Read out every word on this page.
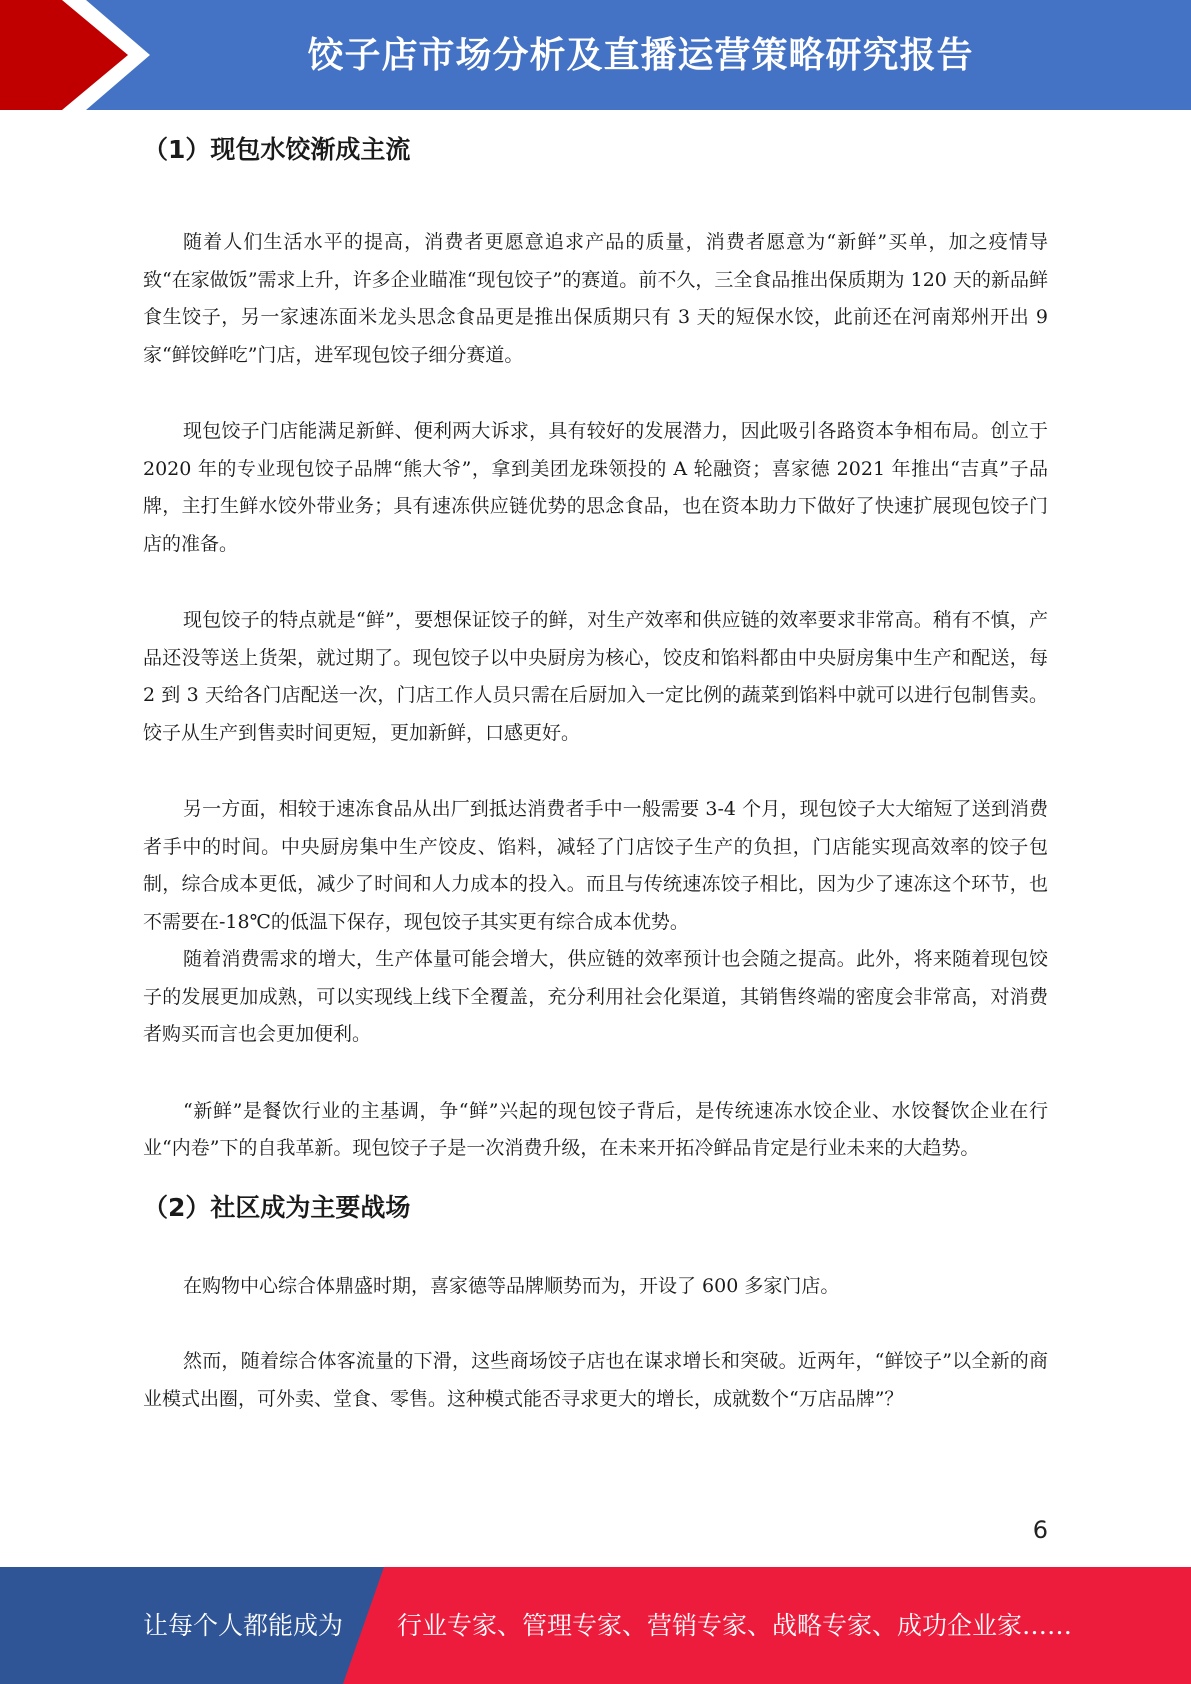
饺子店市场分析及直播运营策略研究报告
（1）现包水饺渐成主流

随着人们生活水平的提高，消费者更愿意追求产品的质量，消费者愿意为“新鲜”买单，加之疫情导致“在家做饭”需求上升，许多企业瞄准“现包饺子”的赛道。前不久，三全食品推出保质期为 120 天的新品鲜食生饺子，另一家速冻面米龙头思念食品更是推出保质期只有 3 天的短保水饺，此前还在河南郑州开出 9 家“鲜饺鲜吃”门店，进军现包饺子细分赛道。

现包饺子门店能满足新鲜、便利两大诉求，具有较好的发展潜力，因此吸引各路资本争相布局。创立于 2020 年的专业现包饺子品牌“熊大爷”，拿到美团龙珠领投的 A 轮融资；喜家德 2021 年推出“吉真”子品牌，主打生鲜水饺外带业务；具有速冻供应链优势的思念食品，也在资本助力下做好了快速扩展现包饺子门店的准备。

现包饺子的特点就是“鲜”，要想保证饺子的鲜，对生产效率和供应链的效率要求非常高。稍有不慎，产品还没等送上货架，就过期了。现包饺子以中央厨房为核心，饺皮和馅料都由中央厨房集中生产和配送，每 2 到 3 天给各门店配送一次，门店工作人员只需在后厨加入一定比例的蔬菜到馅料中就可以进行包制售卖。饺子从生产到售卖时间更短，更加新鲜，口感更好。

另一方面，相较于速冻食品从出厂到抵达消费者手中一般需要 3-4 个月，现包饺子大大缩短了送到消费者手中的时间。中央厨房集中生产饺皮、馅料，减轻了门店饺子生产的负担，门店能实现高效率的饺子包制，综合成本更低，减少了时间和人力成本的投入。而且与传统速冻饺子相比，因为少了速冻这个环节，也不需要在-18℃的低温下保存，现包饺子其实更有综合成本优势。

随着消费需求的增大，生产体量可能会增大，供应链的效率预计也会随之提高。此外，将来随着现包饺子的发展更加成熟，可以实现线上线下全覆盖，充分利用社会化渠道，其销售终端的密度会非常高，对消费者购买而言也会更加便利。

“新鲜”是餐饮行业的主基调，争“鲜”兴起的现包饺子背后，是传统速冻水饺企业、水饺餐饮企业在行业“内卷”下的自我革新。现包饺子子是一次消费升级，在未来开拓冷鲜品肯定是行业未来的大趋势。

（2）社区成为主要战场

在购物中心综合体鼎盛时期，喜家德等品牌顺势而为，开设了 600 多家门店。

然而，随着综合体客流量的下滑，这些商场饺子店也在谋求增长和突破。近两年，“鲜饺子”以全新的商业模式出圈，可外卖、堂食、零售。这种模式能否寻求更大的增长，成就数个“万店品牌”？

6
让每个人都能成为 行业专家、管理专家、营销专家、战略专家、成功企业家……
